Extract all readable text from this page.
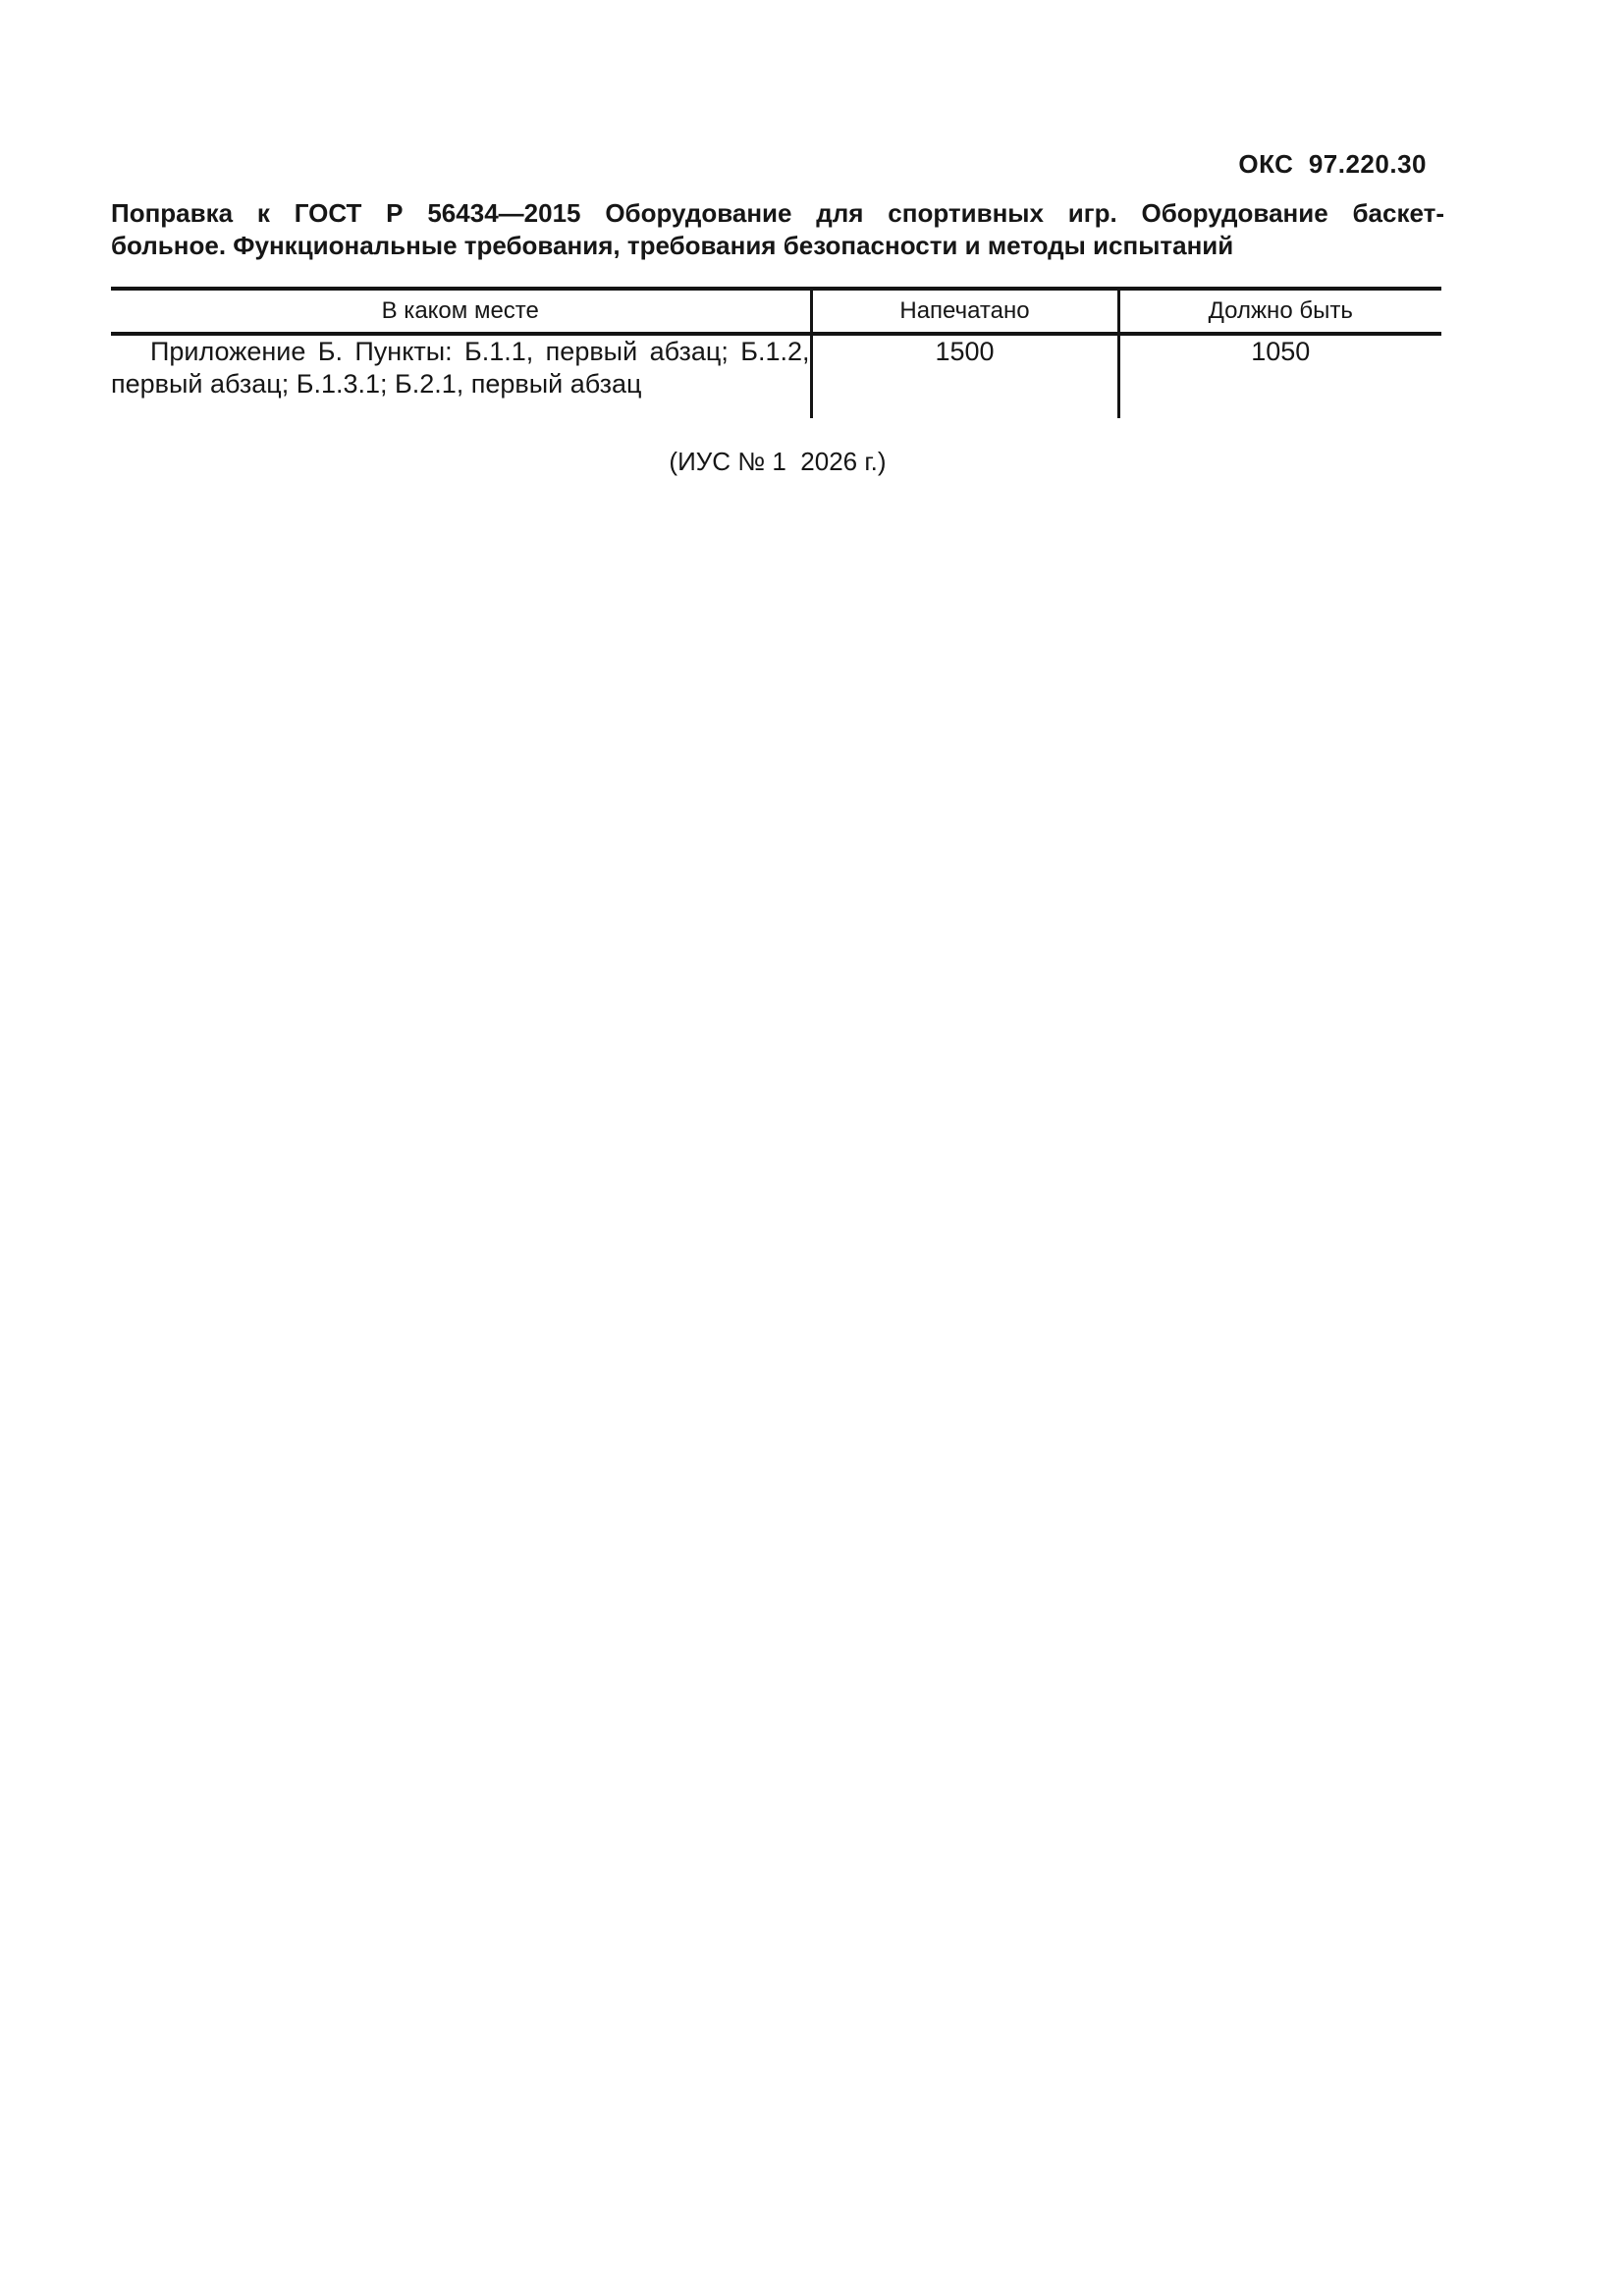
ОКС  97.220.30
Поправка к ГОСТ Р 56434—2015 Оборудование для спортивных игр. Оборудование баскет-
больное. Функциональные требования, требования безопасности и методы испытаний
В каком месте	Напечатано	Должно быть

Приложение Б. Пункты: Б.1.1, первый абзац; Б.1.2,
первый абзац; Б.1.3.1; Б.2.1, первый абзац	1500	1050
(ИУС № 1  2026 г.)
